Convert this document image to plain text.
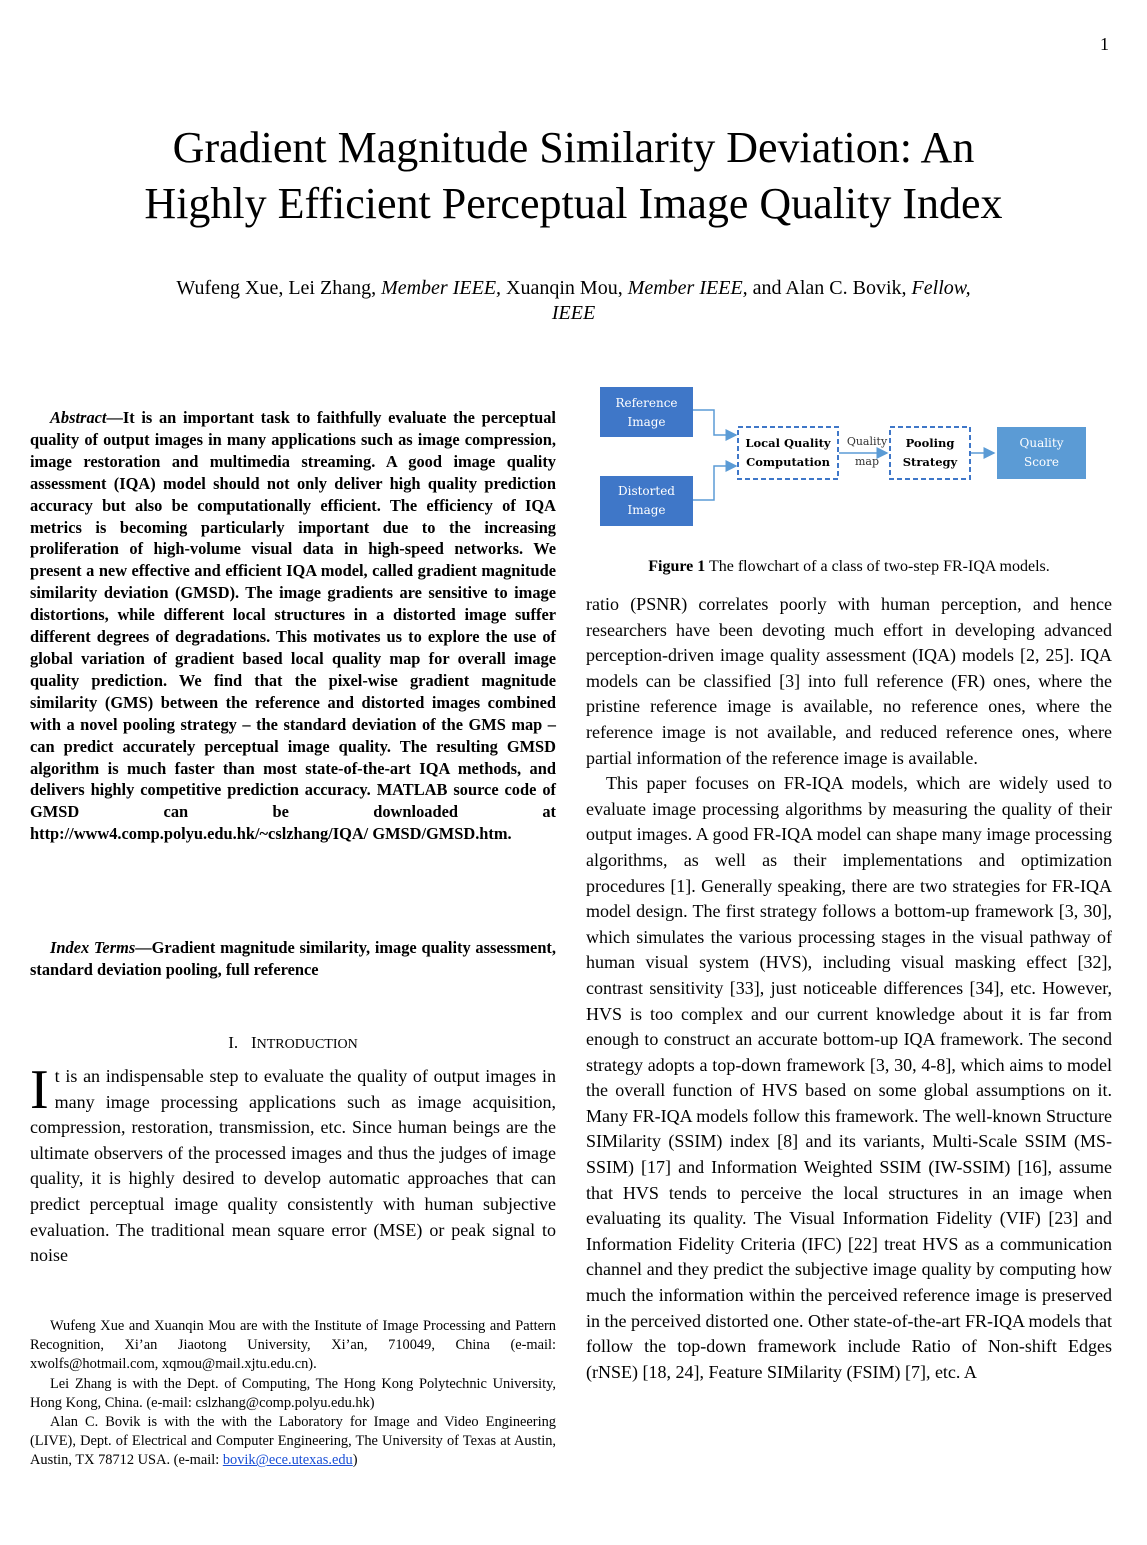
1
Gradient Magnitude Similarity Deviation: An
Highly Efficient Perceptual Image Quality Index
Wufeng Xue, Lei Zhang, Member IEEE, Xuanqin Mou, Member IEEE, and Alan C. Bovik, Fellow,
IEEE
Abstract—It is an important task to faithfully evaluate the perceptual quality of output images in many applications such as image compression, image restoration and multimedia streaming. A good image quality assessment (IQA) model should not only deliver high quality prediction accuracy but also be computationally efficient. The efficiency of IQA metrics is becoming particularly important due to the increasing proliferation of high-volume visual data in high-speed networks. We present a new effective and efficient IQA model, called gradient magnitude similarity deviation (GMSD). The image gradients are sensitive to image distortions, while different local structures in a distorted image suffer different degrees of degradations. This motivates us to explore the use of global variation of gradient based local quality map for overall image quality prediction. We find that the pixel-wise gradient magnitude similarity (GMS) between the reference and distorted images combined with a novel pooling strategy – the standard deviation of the GMS map – can predict accurately perceptual image quality. The resulting GMSD algorithm is much faster than most state-of-the-art IQA methods, and delivers highly competitive prediction accuracy. MATLAB source code of GMSD can be downloaded at http://www4.comp.polyu.edu.hk/~cslzhang/IQA/ GMSD/GMSD.htm.
Index Terms—Gradient magnitude similarity, image quality assessment, standard deviation pooling, full reference
I. INTRODUCTION
It is an indispensable step to evaluate the quality of output images in many image processing applications such as image acquisition, compression, restoration, transmission, etc. Since human beings are the ultimate observers of the processed images and thus the judges of image quality, it is highly desired to develop automatic approaches that can predict perceptual image quality consistently with human subjective evaluation. The traditional mean square error (MSE) or peak signal to noise

Wufeng Xue and Xuanqin Mou are with the Institute of Image Processing and Pattern Recognition, Xi’an Jiaotong University, Xi’an, 710049, China (e-mail: xwolfs@hotmail.com, xqmou@mail.xjtu.edu.cn).

Lei Zhang is with the Dept. of Computing, The Hong Kong Polytechnic University, Hong Kong, China. (e-mail: cslzhang@comp.polyu.edu.hk)

Alan C. Bovik is with the with the Laboratory for Image and Video Engineering (LIVE), Dept. of Electrical and Computer Engineering, The University of Texas at Austin, Austin, TX 78712 USA. (e-mail: bovik@ece.utexas.edu)

Reference
Image
Distorted
Image
Local Quality
Computation
Quality
map
Pooling
Strategy
Quality
Score
Figure 1 The flowchart of a class of two-step FR-IQA models.

ratio (PSNR) correlates poorly with human perception, and hence researchers have been devoting much effort in developing advanced perception-driven image quality assessment (IQA) models [2, 25]. IQA models can be classified [3] into full reference (FR) ones, where the pristine reference image is available, no reference ones, where the reference image is not available, and reduced reference ones, where partial information of the reference image is available.

This paper focuses on FR-IQA models, which are widely used to evaluate image processing algorithms by measuring the quality of their output images. A good FR-IQA model can shape many image processing algorithms, as well as their implementations and optimization procedures [1]. Generally speaking, there are two strategies for FR-IQA model design. The first strategy follows a bottom-up framework [3, 30], which simulates the various processing stages in the visual pathway of human visual system (HVS), including visual masking effect [32], contrast sensitivity [33], just noticeable differences [34], etc. However, HVS is too complex and our current knowledge about it is far from enough to construct an accurate bottom-up IQA framework. The second strategy adopts a top-down framework [3, 30, 4-8], which aims to model the overall function of HVS based on some global assumptions on it. Many FR-IQA models follow this framework. The well-known Structure SIMilarity (SSIM) index [8] and its variants, Multi-Scale SSIM (MS-SSIM) [17] and Information Weighted SSIM (IW-SSIM) [16], assume that HVS tends to perceive the local structures in an image when evaluating its quality. The Visual Information Fidelity (VIF) [23] and Information Fidelity Criteria (IFC) [22] treat HVS as a communication channel and they predict the subjective image quality by computing how much the information within the perceived reference image is preserved in the perceived distorted one. Other state-of-the-art FR-IQA models that follow the top-down framework include Ratio of Non-shift Edges (rNSE) [18, 24], Feature SIMilarity (FSIM) [7], etc. A
